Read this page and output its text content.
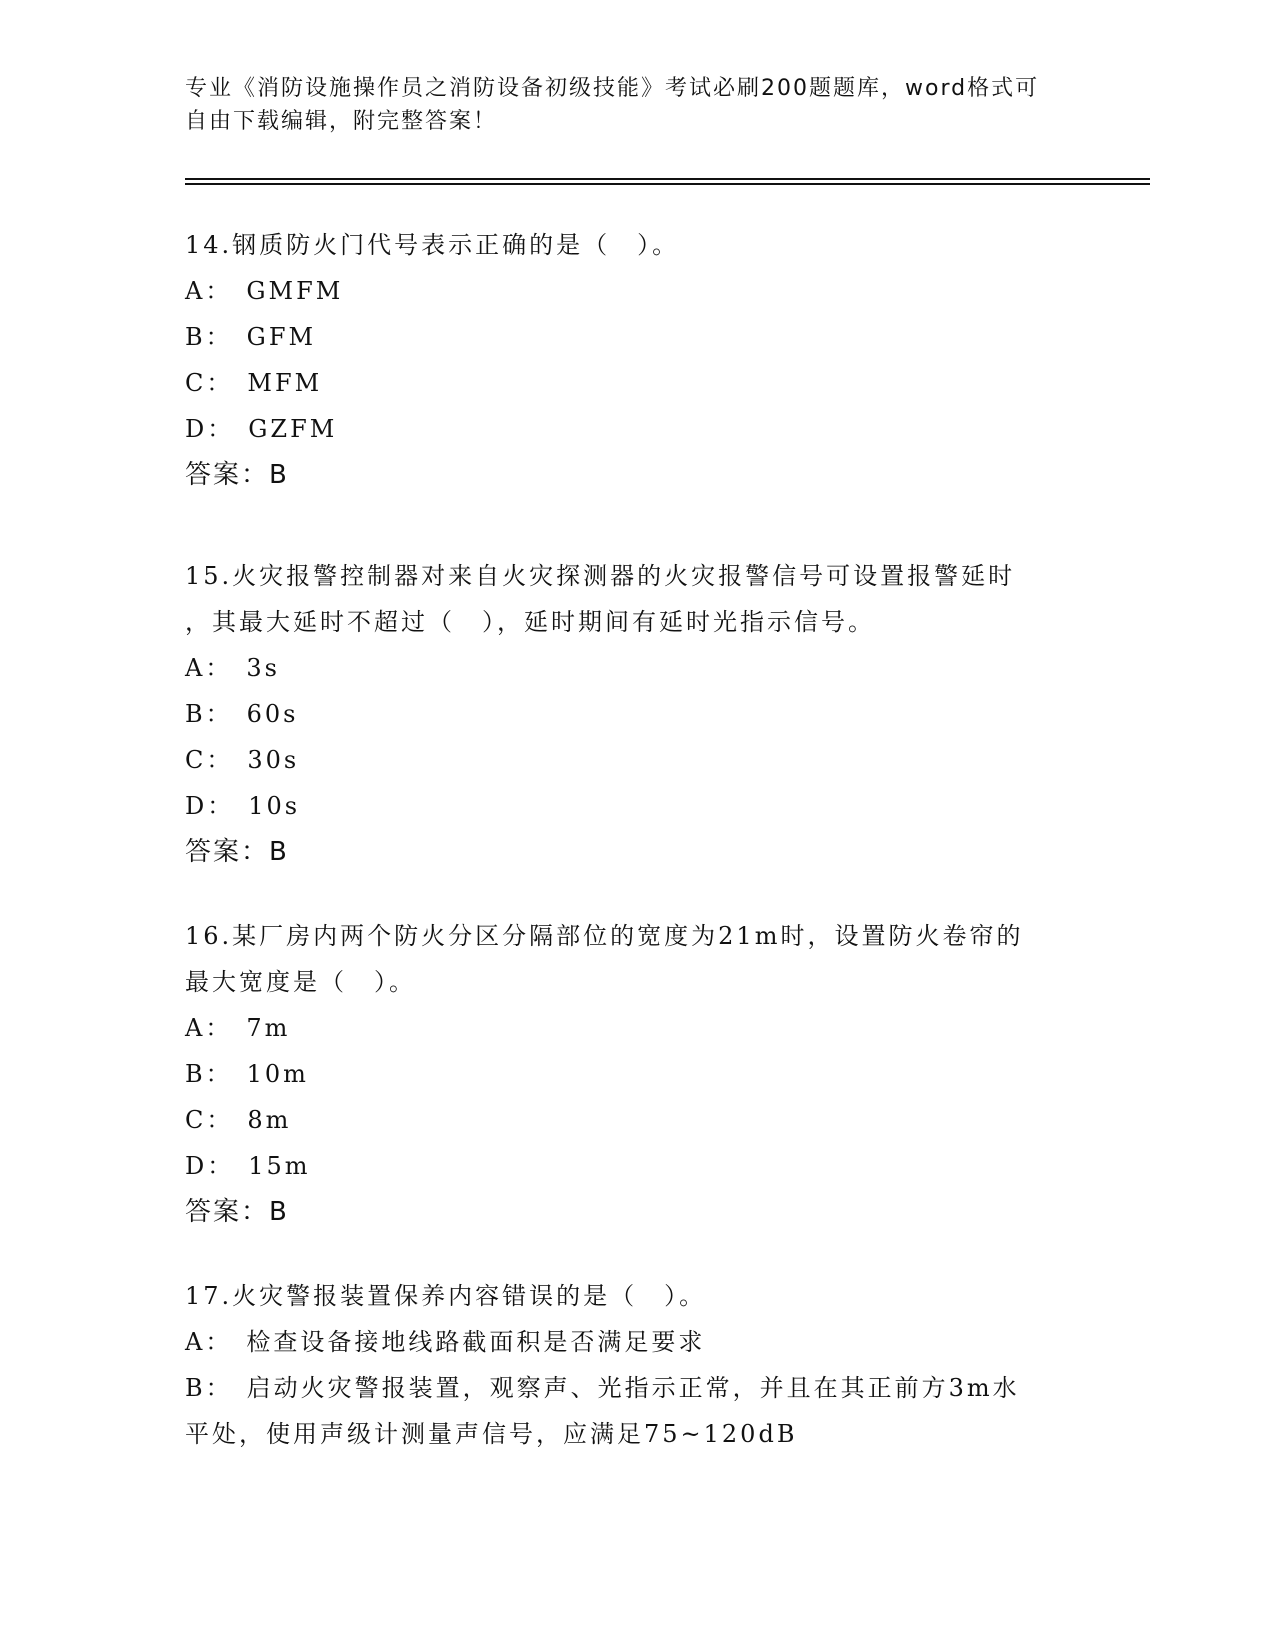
专业《消防设施操作员之消防设备初级技能》考试必刷200题题库，word格式可
自由下载编辑，附完整答案！
14.钢质防火门代号表示正确的是（　）。
A： GMFM
B： GFM
C： MFM
D： GZFM
答案：B
15.火灾报警控制器对来自火灾探测器的火灾报警信号可设置报警延时
，其最大延时不超过（　），延时期间有延时光指示信号。
A： 3s
B： 60s
C： 30s
D： 10s
答案：B
16.某厂房内两个防火分区分隔部位的宽度为21m时，设置防火卷帘的
最大宽度是（　）。
A： 7m
B： 10m
C： 8m
D： 15m
答案：B
17.火灾警报装置保养内容错误的是（　）。
A： 检查设备接地线路截面积是否满足要求
B： 启动火灾警报装置，观察声、光指示正常，并且在其正前方3m水
平处，使用声级计测量声信号，应满足75~120dB
